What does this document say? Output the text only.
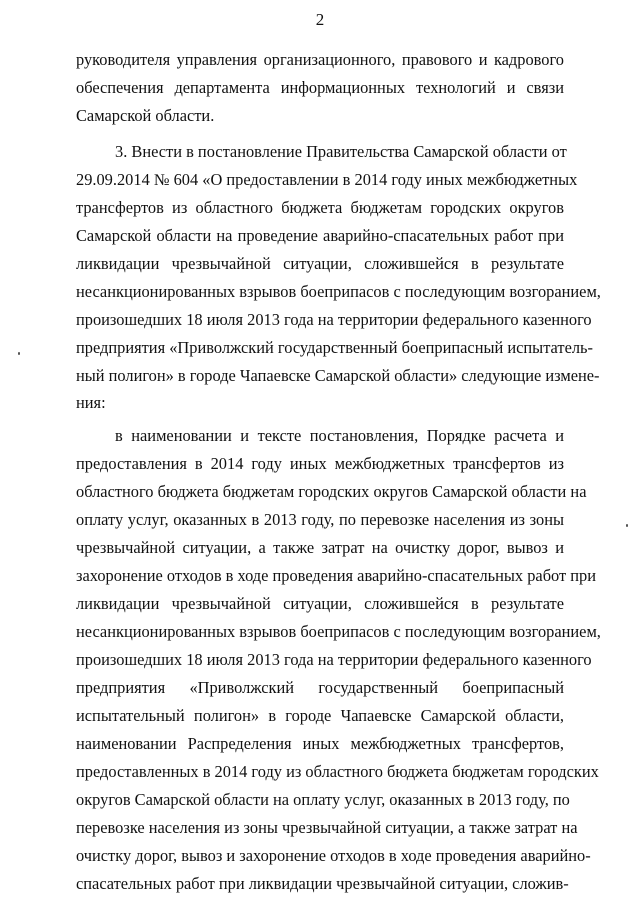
2
руководителя управления организационного, правового и кадрового
обеспечения департамента информационных технологий и связи
Самарской области.
3. Внести в постановление Правительства Самарской области от
29.09.2014 № 604 «О предоставлении в 2014 году иных межбюджетных
трансфертов из областного бюджета бюджетам городских округов
Самарской области на проведение аварийно-спасательных работ при
ликвидации чрезвычайной ситуации, сложившейся в результате
несанкционированных взрывов боеприпасов с последующим возгоранием,
произошедших 18 июля 2013 года на территории федерального казенного
предприятия «Приволжский государственный боеприпасный испытатель-
ный полигон» в городе Чапаевске Самарской области» следующие измене-
ния:
в наименовании и тексте постановления, Порядке расчета и
предоставления в 2014 году иных межбюджетных трансфертов из
областного бюджета бюджетам городских округов Самарской области на
оплату услуг, оказанных в 2013 году, по перевозке населения из зоны
чрезвычайной ситуации, а также затрат на очистку дорог, вывоз и
захоронение отходов в ходе проведения аварийно-спасательных работ при
ликвидации чрезвычайной ситуации, сложившейся в результате
несанкционированных взрывов боеприпасов с последующим возгоранием,
произошедших 18 июля 2013 года на территории федерального казенного
предприятия «Приволжский государственный боеприпасный
испытательный полигон» в городе Чапаевске Самарской области,
наименовании Распределения иных межбюджетных трансфертов,
предоставленных в 2014 году из областного бюджета бюджетам городских
округов Самарской области на оплату услуг, оказанных в 2013 году, по
перевозке населения из зоны чрезвычайной ситуации, а также затрат на
очистку дорог, вывоз и захоронение отходов в ходе проведения аварийно-
спасательных работ при ликвидации чрезвычайной ситуации, сложив-
